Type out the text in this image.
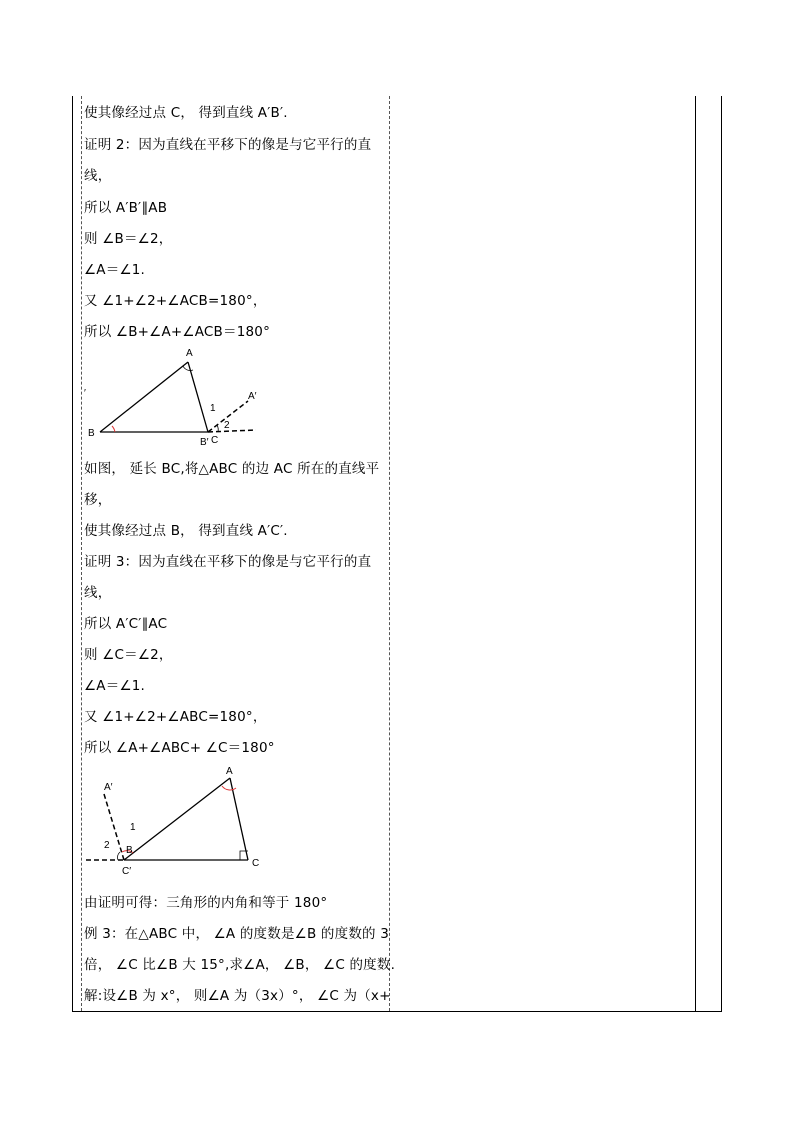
使其像经过点 C， 得到直线 A′B′.
证明 2：因为直线在平移下的像是与它平行的直
线，
所以 A′B′∥AB
则 ∠B＝∠2，
∠A＝∠1.
又 ∠1+∠2+∠ACB=180°，
所以 ∠B+∠A+∠ACB＝180°
A
B
B′ C
A′
1
2
′
如图， 延长 BC,将△ABC 的边 AC 所在的直线平
移，
使其像经过点 B， 得到直线 A′C′.
证明 3：因为直线在平移下的像是与它平行的直
线，
所以 A′C′∥AC
则 ∠C＝∠2，
∠A＝∠1.
又 ∠1+∠2+∠ABC=180°，
所以 ∠A+∠ABC+ ∠C＝180°
A
A′
1
2 B
C′
C
由证明可得：三角形的内角和等于 180°
例 3：在△ABC 中， ∠A 的度数是∠B 的度数的 3
倍， ∠C 比∠B 大 15°,求∠A， ∠B， ∠C 的度数.
解:设∠B 为 x°， 则∠A 为（3x）°， ∠C 为（x+
